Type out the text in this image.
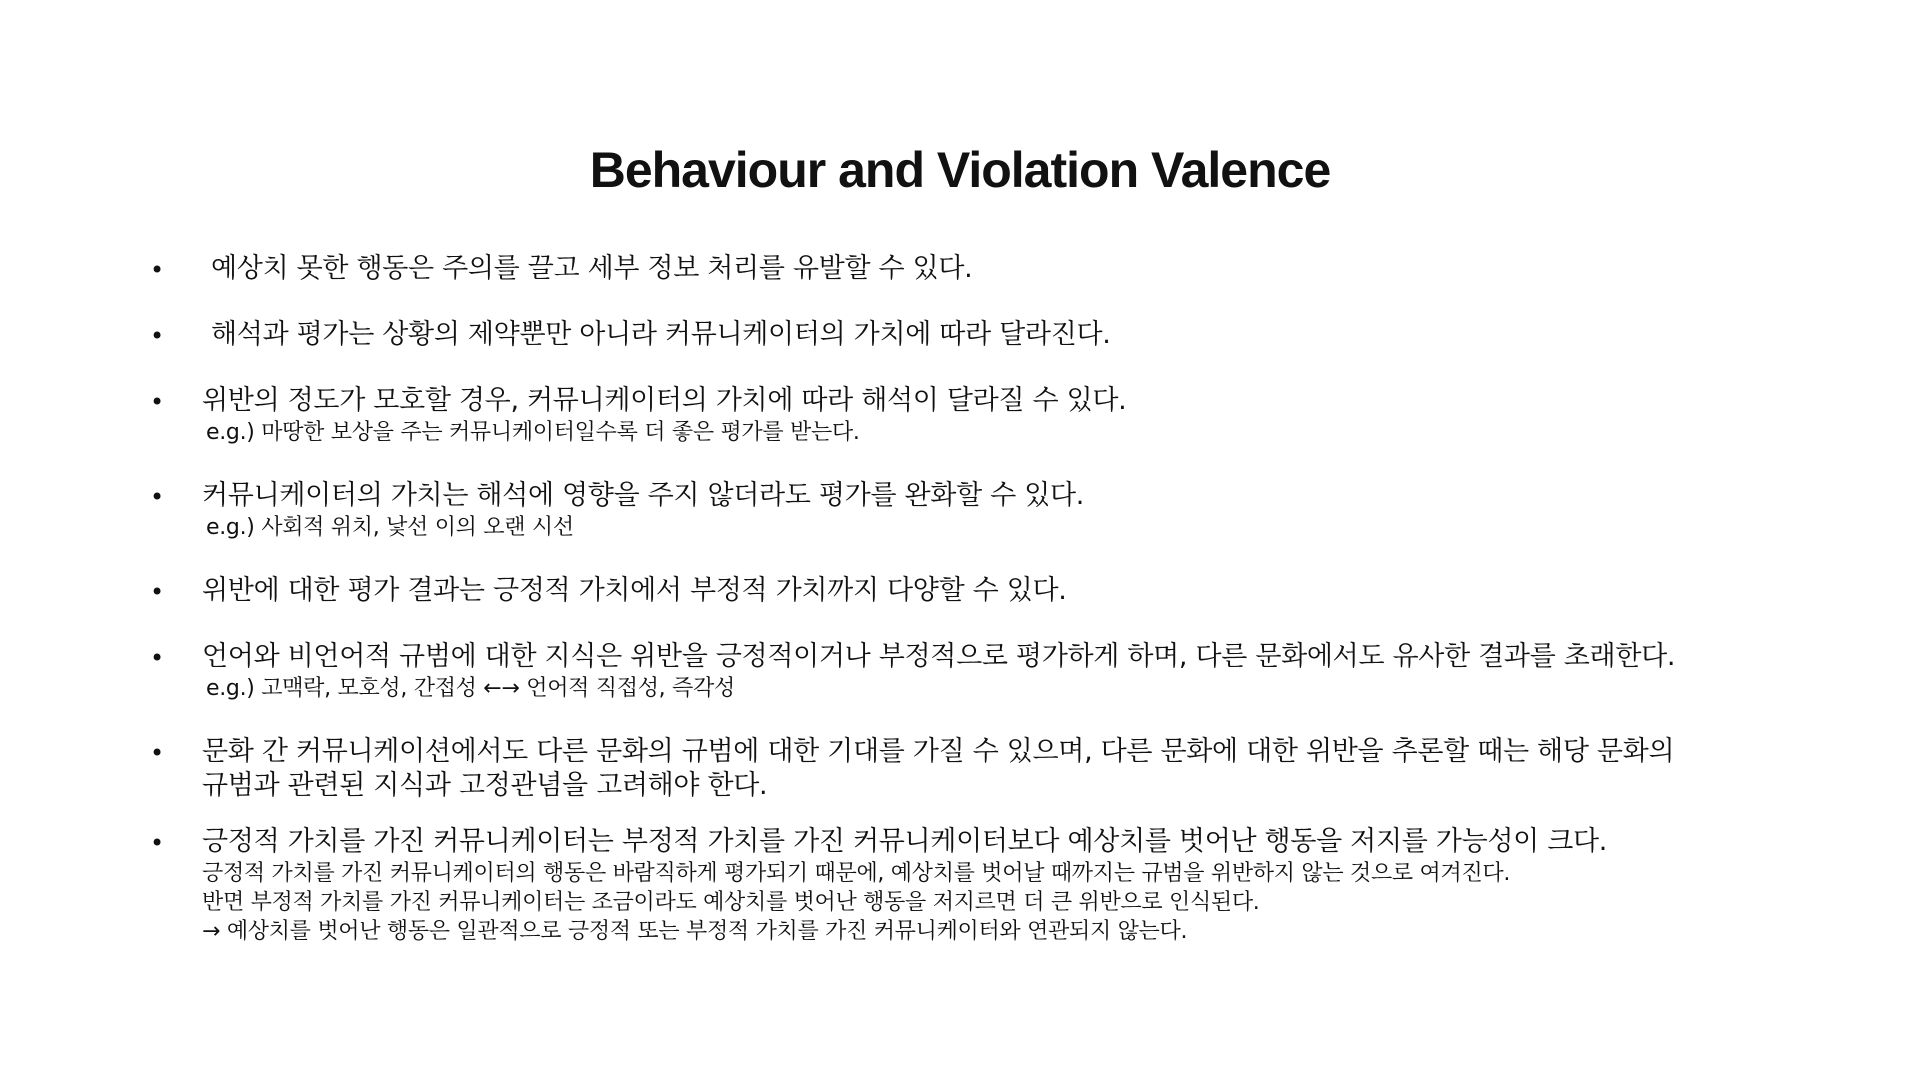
Behaviour and Violation Valence
•	예상치 못한 행동은 주의를 끌고 세부 정보 처리를 유발할 수 있다.
•	해석과 평가는 상황의 제약뿐만 아니라 커뮤니케이터의 가치에 따라 달라진다.
• 위반의 정도가 모호할 경우, 커뮤니케이터의 가치에 따라 해석이 달라질 수 있다.
e.g.) 마땅한 보상을 주는 커뮤니케이터일수록 더 좋은 평가를 받는다.
• 커뮤니케이터의 가치는 해석에 영향을 주지 않더라도 평가를 완화할 수 있다.
e.g.) 사회적 위치, 낯선 이의 오랜 시선
• 위반에 대한 평가 결과는 긍정적 가치에서 부정적 가치까지 다양할 수 있다.
• 언어와 비언어적 규범에 대한 지식은 위반을 긍정적이거나 부정적으로 평가하게 하며, 다른 문화에서도 유사한 결과를 초래한다.
e.g.) 고맥락, 모호성, 간접성 ←→ 언어적 직접성, 즉각성
• 문화 간 커뮤니케이션에서도 다른 문화의 규범에 대한 기대를 가질 수 있으며, 다른 문화에 대한 위반을 추론할 때는 해당 문화의
규범과 관련된 지식과 고정관념을 고려해야 한다.
• 긍정적 가치를 가진 커뮤니케이터는 부정적 가치를 가진 커뮤니케이터보다 예상치를 벗어난 행동을 저지를 가능성이 크다.
긍정적 가치를 가진 커뮤니케이터의 행동은 바람직하게 평가되기 때문에, 예상치를 벗어날 때까지는 규범을 위반하지 않는 것으로 여겨진다.
반면 부정적 가치를 가진 커뮤니케이터는 조금이라도 예상치를 벗어난 행동을 저지르면 더 큰 위반으로 인식된다.
→ 예상치를 벗어난 행동은 일관적으로 긍정적 또는 부정적 가치를 가진 커뮤니케이터와 연관되지 않는다.
